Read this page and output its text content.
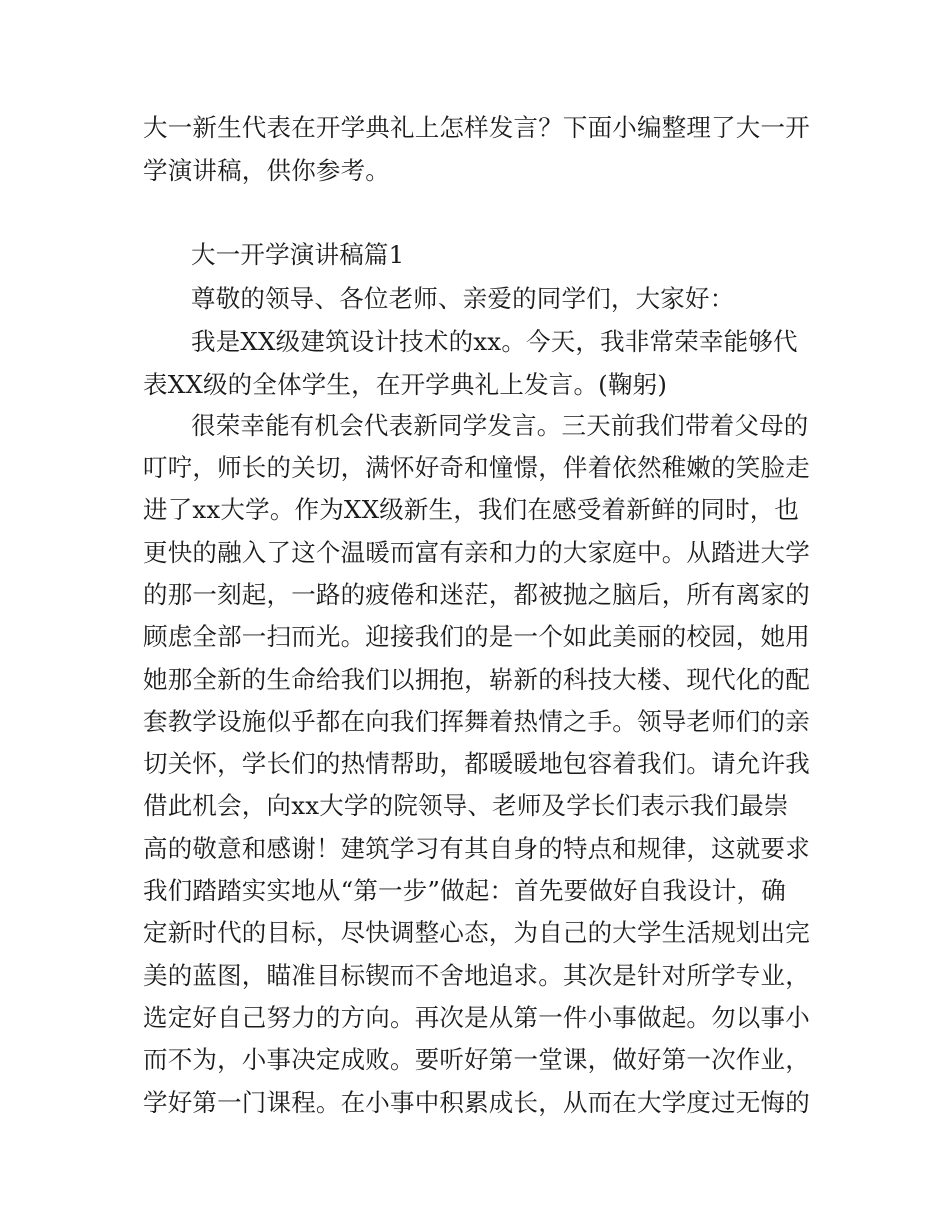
大一新生代表在开学典礼上怎样发言？下面小编整理了大一开
学演讲稿，供你参考。
大一开学演讲稿篇1
尊敬的领导、各位老师、亲爱的同学们，大家好：
我是XX级建筑设计技术的xx。今天，我非常荣幸能够代
表XX级的全体学生，在开学典礼上发言。(鞠躬)
很荣幸能有机会代表新同学发言。三天前我们带着父母的
叮咛，师长的关切，满怀好奇和憧憬，伴着依然稚嫩的笑脸走
进了xx大学。作为XX级新生，我们在感受着新鲜的同时，也
更快的融入了这个温暖而富有亲和力的大家庭中。从踏进大学
的那一刻起，一路的疲倦和迷茫，都被抛之脑后，所有离家的
顾虑全部一扫而光。迎接我们的是一个如此美丽的校园，她用
她那全新的生命给我们以拥抱，崭新的科技大楼、现代化的配
套教学设施似乎都在向我们挥舞着热情之手。领导老师们的亲
切关怀，学长们的热情帮助，都暖暖地包容着我们。请允许我
借此机会，向xx大学的院领导、老师及学长们表示我们最崇
高的敬意和感谢！建筑学习有其自身的特点和规律，这就要求
我们踏踏实实地从“第一步”做起：首先要做好自我设计，确
定新时代的目标，尽快调整心态，为自己的大学生活规划出完
美的蓝图，瞄准目标锲而不舍地追求。其次是针对所学专业，
选定好自己努力的方向。再次是从第一件小事做起。勿以事小
而不为，小事决定成败。要听好第一堂课，做好第一次作业，
学好第一门课程。在小事中积累成长，从而在大学度过无悔的
